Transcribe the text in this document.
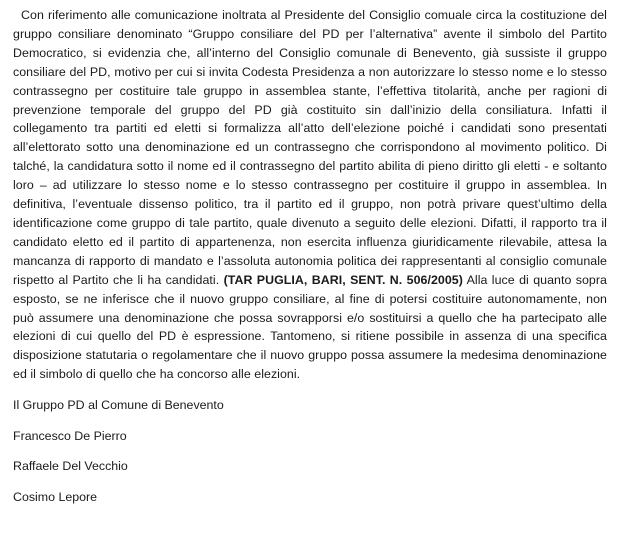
Con riferimento alle comunicazione inoltrata al Presidente del Consiglio comuale circa la costituzione del gruppo consiliare denominato “Gruppo consiliare del PD per l’alternativa” avente il simbolo del Partito Democratico, si evidenzia che, all’interno del Consiglio comunale di Benevento, già sussiste il gruppo consiliare del PD, motivo per cui si invita Codesta Presidenza a non autorizzare lo stesso nome e lo stesso contrassegno per costituire tale gruppo in assemblea stante, l’effettiva titolarità, anche per ragioni di prevenzione temporale del gruppo del PD già costituito sin dall’inizio della consiliatura. Infatti il collegamento tra partiti ed eletti si formalizza all’atto dell’elezione poiché i candidati sono presentati all’elettorato sotto una denominazione ed un contrassegno che corrispondono al movimento politico. Di talché, la candidatura sotto il nome ed il contrassegno del partito abilita di pieno diritto gli eletti - e soltanto loro – ad utilizzare lo stesso nome e lo stesso contrassegno per costituire il gruppo in assemblea. In definitiva, l’eventuale dissenso politico, tra il partito ed il gruppo, non potrà privare quest’ultimo della identificazione come gruppo di tale partito, quale divenuto a seguito delle elezioni. Difatti, il rapporto tra il candidato eletto ed il partito di appartenenza, non esercita influenza giuridicamente rilevabile, attesa la mancanza di rapporto di mandato e l’assoluta autonomia politica dei rappresentanti al consiglio comunale rispetto al Partito che li ha candidati. (TAR PUGLIA, BARI, SENT. N. 506/2005) Alla luce di quanto sopra esposto, se ne inferisce che il nuovo gruppo consiliare, al fine di potersi costituire autonomamente, non può assumere una denominazione che possa sovrapporsi e/o sostituirsi a quello che ha partecipato alle elezioni di cui quello del PD è espressione. Tantomeno, si ritiene possibile in assenza di una specifica disposizione statutaria o regolamentare che il nuovo gruppo possa assumere la medesima denominazione ed il simbolo di quello che ha concorso alle elezioni.

Il Gruppo PD al Comune di Benevento
Francesco De Pierro
Raffaele Del Vecchio
Cosimo Lepore
